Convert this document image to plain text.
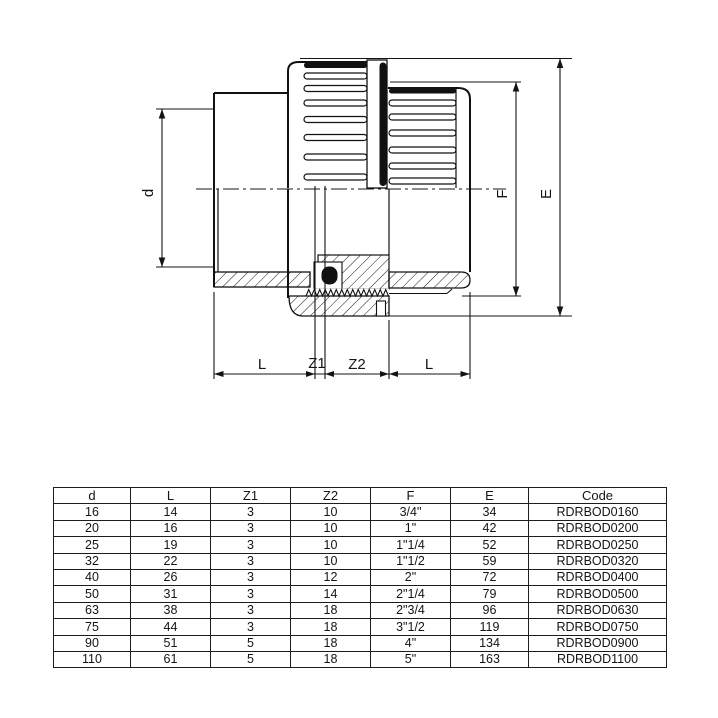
d	F E
L	Z1 Z2	L
d	L	Z1	Z2	F	E	Code
16	14	3	10	3/4"	34	RDRBOD0160
20	16	3	10	1"	42	RDRBOD0200
25	19	3	10	1"1/4	52	RDRBOD0250
32	22	3	10	1"1/2	59	RDRBOD0320
40	26	3	12	2"	72	RDRBOD0400
50	31	3	14	2"1/4	79	RDRBOD0500
63	38	3	18	2"3/4	96	RDRBOD0630
75	44	3	18	3"1/2	119	RDRBOD0750
90	51	5	18	4"	134	RDRBOD0900
110	61	5	18	5"	163	RDRBOD1100
